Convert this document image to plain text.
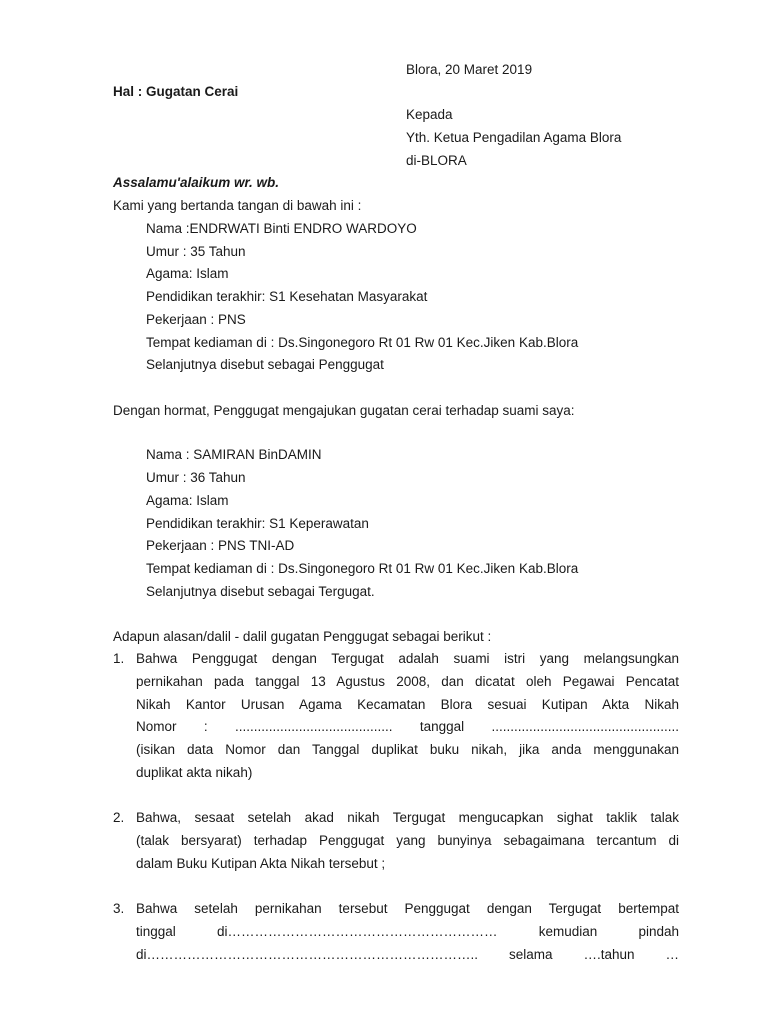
Blora, 20 Maret 2019
Hal : Gugatan Cerai
Kepada
Yth. Ketua Pengadilan Agama Blora
di-BLORA
Assalamu'alaikum wr. wb.
Kami yang bertanda tangan di bawah ini :
Nama :ENDRWATI Binti ENDRO WARDOYO
Umur : 35 Tahun
Agama: Islam
Pendidikan terakhir: S1 Kesehatan Masyarakat
Pekerjaan : PNS
Tempat kediaman di : Ds.Singonegoro Rt 01 Rw 01 Kec.Jiken Kab.Blora
Selanjutnya disebut sebagai Penggugat
Dengan hormat, Penggugat mengajukan gugatan cerai terhadap suami saya:
Nama : SAMIRAN BinDAMIN
Umur : 36 Tahun
Agama: Islam
Pendidikan terakhir: S1 Keperawatan
Pekerjaan : PNS TNI-AD
Tempat kediaman di : Ds.Singonegoro Rt 01 Rw 01 Kec.Jiken Kab.Blora
Selanjutnya disebut sebagai Tergugat.
Adapun alasan/dalil - dalil gugatan Penggugat sebagai berikut :
1. Bahwa Penggugat dengan Tergugat adalah suami istri yang melangsungkan
pernikahan pada tanggal 13 Agustus 2008, dan dicatat oleh Pegawai Pencatat
Nikah Kantor Urusan Agama Kecamatan Blora sesuai Kutipan Akta Nikah
Nomor : .......................................... tanggal ..................................................
(isikan data Nomor dan Tanggal duplikat buku nikah, jika anda menggunakan
duplikat akta nikah)
2. Bahwa, sesaat setelah akad nikah Tergugat mengucapkan sighat taklik talak
(talak bersyarat) terhadap Penggugat yang bunyinya sebagaimana tercantum di
dalam Buku Kutipan Akta Nikah tersebut ;
3. Bahwa setelah pernikahan tersebut Penggugat dengan Tergugat bertempat
tinggal di…………………………………………………… kemudian pindah
di……………………………………………………………….. selama ….tahun …
